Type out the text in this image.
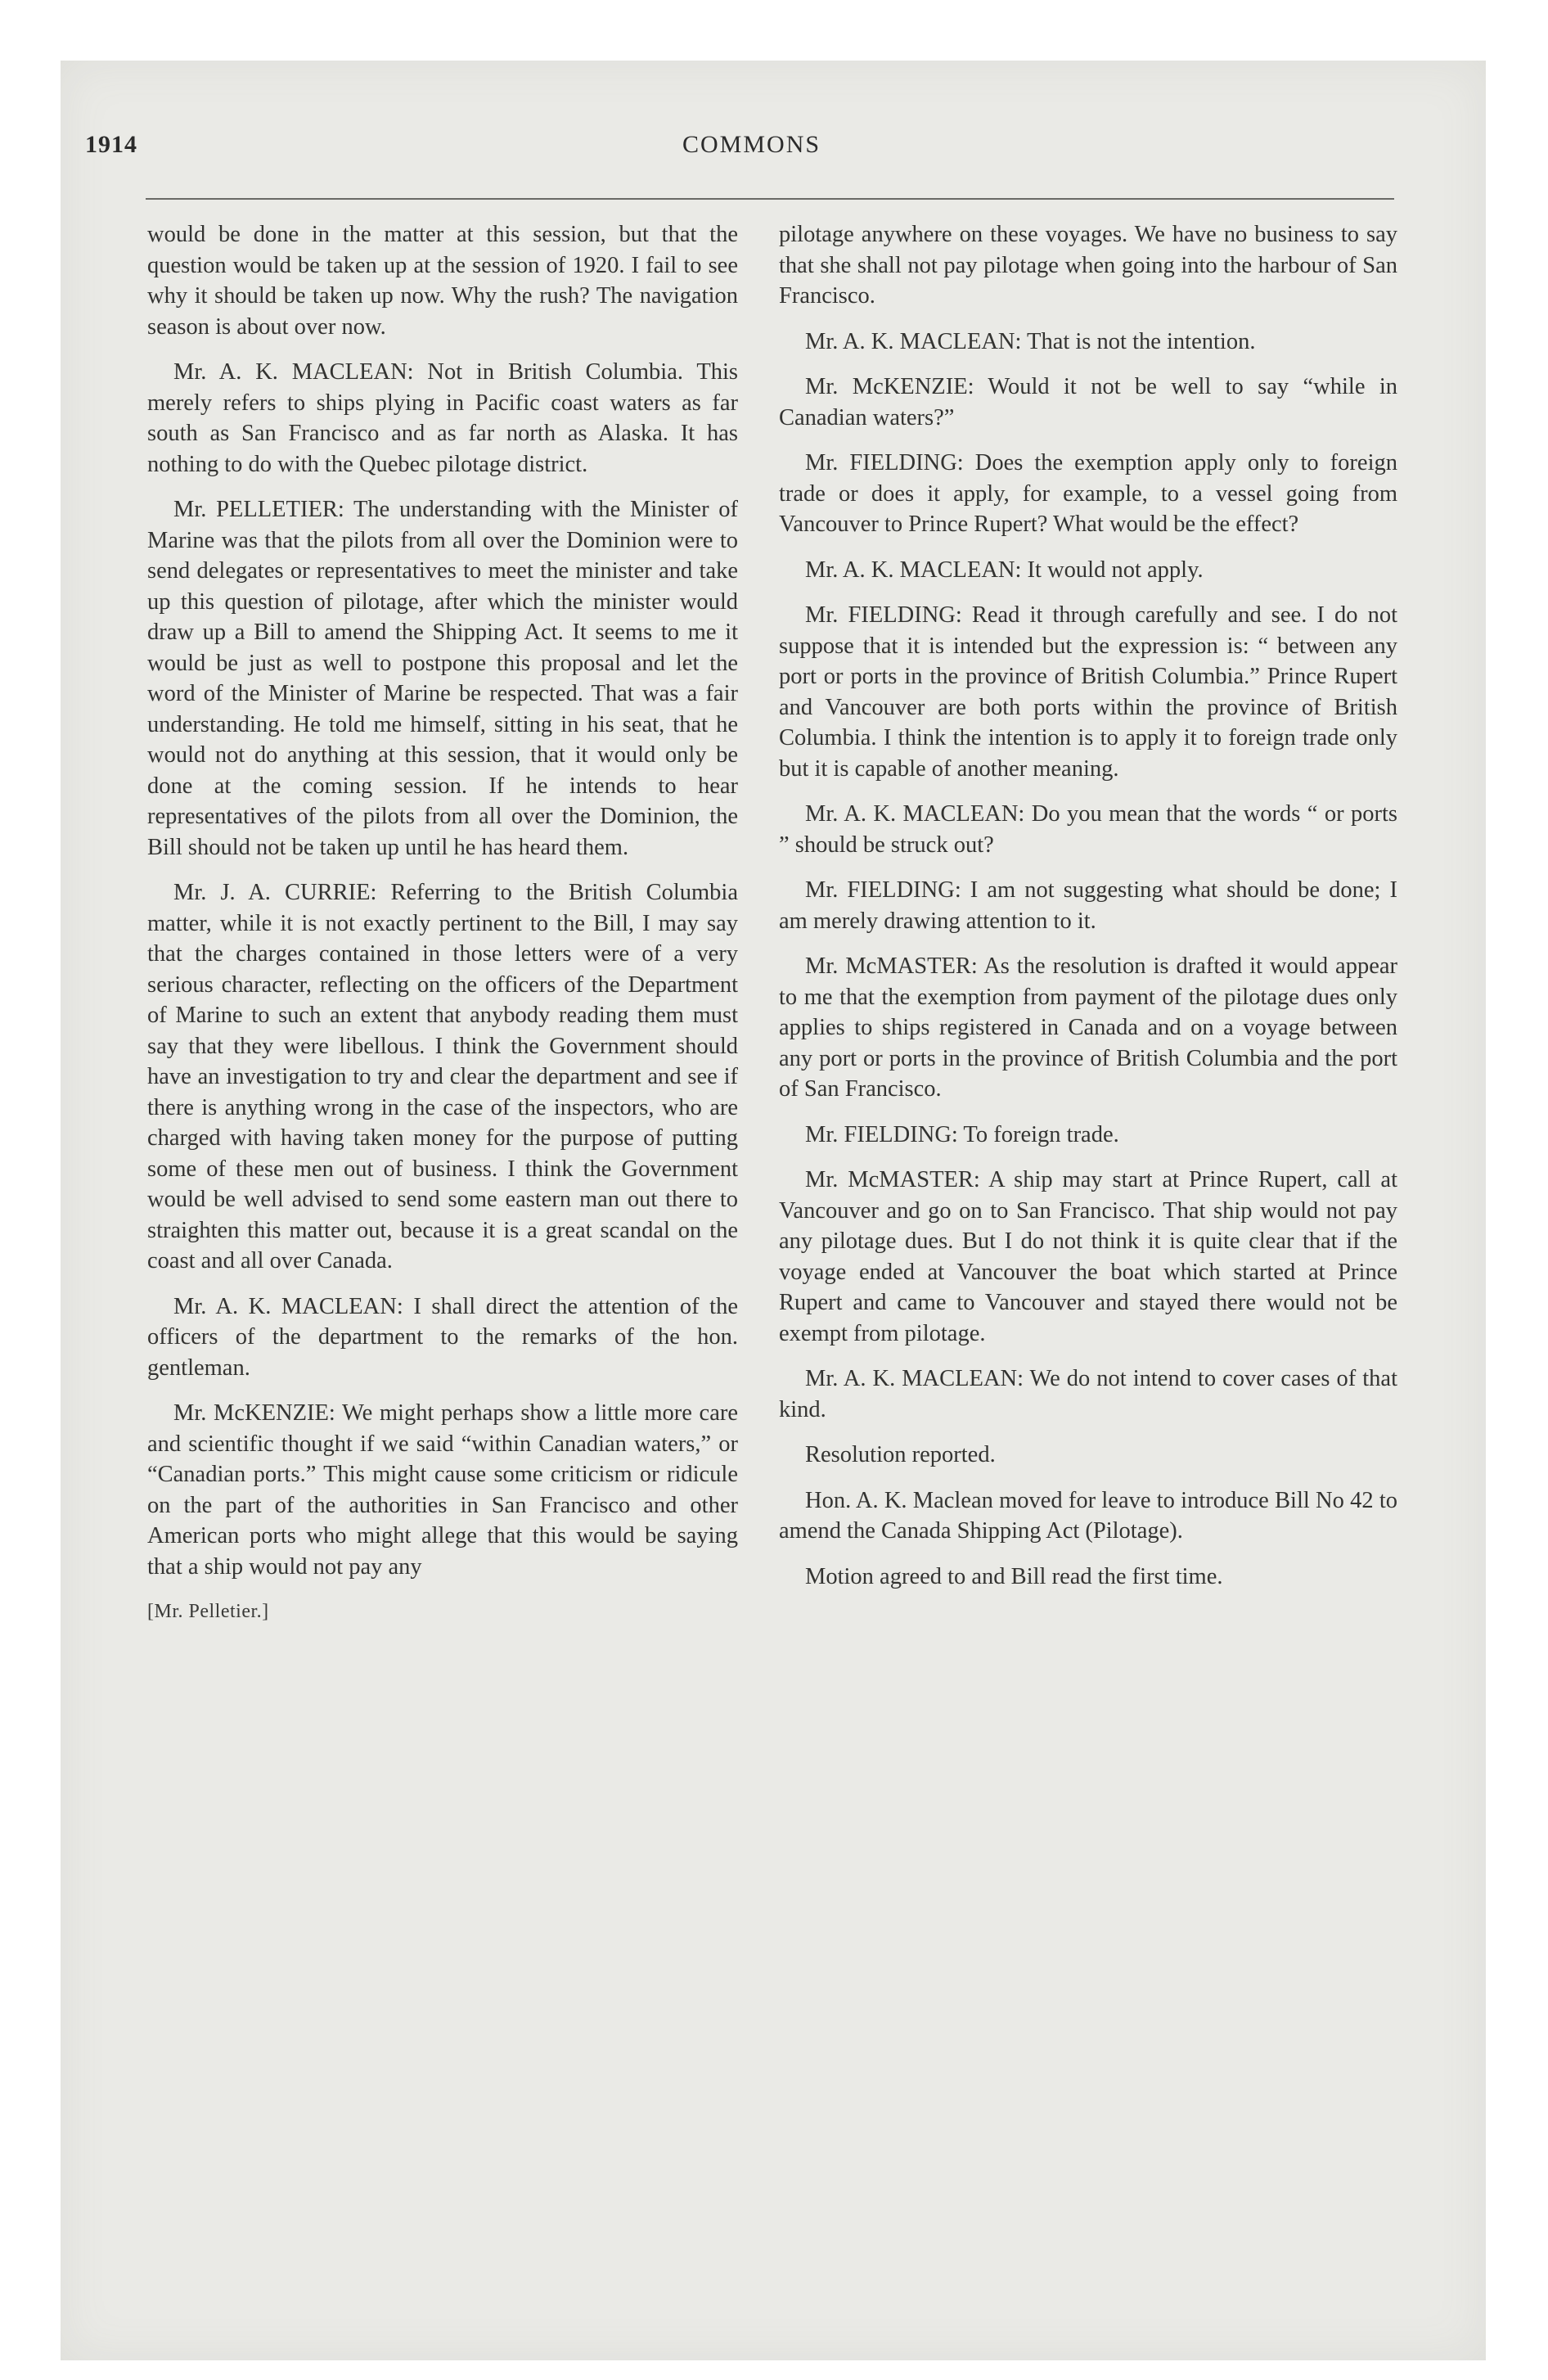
1914	COMMONS

would be done in the matter at this session, but that the question would be taken up at the session of 1920. I fail to see why it should be taken up now. Why the rush? The navigation season is about over now.

Mr. A. K. MACLEAN: Not in British Columbia. This merely refers to ships plying in Pacific coast waters as far south as San Francisco and as far north as Alaska. It has nothing to do with the Quebec pilotage district.

Mr. PELLETIER: The understanding with the Minister of Marine was that the pilots from all over the Dominion were to send delegates or representatives to meet the minister and take up this question of pilotage, after which the minister would draw up a Bill to amend the Shipping Act. It seems to me it would be just as well to postpone this proposal and let the word of the Minister of Marine be respected. That was a fair understanding. He told me himself, sitting in his seat, that he would not do anything at this session, that it would only be done at the coming session. If he intends to hear representatives of the pilots from all over the Dominion, the Bill should not be taken up until he has heard them.

Mr. J. A. CURRIE: Referring to the British Columbia matter, while it is not exactly pertinent to the Bill, I may say that the charges contained in those letters were of a very serious character, reflecting on the officers of the Department of Marine to such an extent that anybody reading them must say that they were libellous. I think the Government should have an investigation to try and clear the department and see if there is anything wrong in the case of the inspectors, who are charged with having taken money for the purpose of putting some of these men out of business. I think the Government would be well advised to send some eastern man out there to straighten this matter out, because it is a great scandal on the coast and all over Canada.

Mr. A. K. MACLEAN: I shall direct the attention of the officers of the department to the remarks of the hon. gentleman.

Mr. McKENZIE: We might perhaps show a little more care and scientific thought if we said “within Canadian waters,” or “Canadian ports.” This might cause some criticism or ridicule on the part of the authorities in San Francisco and other American ports who might allege that this would be saying that a ship would not pay any

[Mr. Pelletier.]

pilotage anywhere on these voyages. We have no business to say that she shall not pay pilotage when going into the harbour of San Francisco.

Mr. A. K. MACLEAN: That is not the intention.

Mr. McKENZIE: Would it not be well to say “while in Canadian waters?”

Mr. FIELDING: Does the exemption apply only to foreign trade or does it apply, for example, to a vessel going from Vancouver to Prince Rupert? What would be the effect?

Mr. A. K. MACLEAN: It would not apply.

Mr. FIELDING: Read it through carefully and see. I do not suppose that it is intended but the expression is: “ between any port or ports in the province of British Columbia.” Prince Rupert and Vancouver are both ports within the province of British Columbia. I think the intention is to apply it to foreign trade only but it is capable of another meaning.

Mr. A. K. MACLEAN: Do you mean that the words “ or ports ” should be struck out?

Mr. FIELDING: I am not suggesting what should be done; I am merely drawing attention to it.

Mr. McMASTER: As the resolution is drafted it would appear to me that the exemption from payment of the pilotage dues only applies to ships registered in Canada and on a voyage between any port or ports in the province of British Columbia and the port of San Francisco.

Mr. FIELDING: To foreign trade.

Mr. McMASTER: A ship may start at Prince Rupert, call at Vancouver and go on to San Francisco. That ship would not pay any pilotage dues. But I do not think it is quite clear that if the voyage ended at Vancouver the boat which started at Prince Rupert and came to Vancouver and stayed there would not be exempt from pilotage.

Mr. A. K. MACLEAN: We do not intend to cover cases of that kind.

Resolution reported.

Hon. A. K. Maclean moved for leave to introduce Bill No 42 to amend the Canada Shipping Act (Pilotage).

Motion agreed to and Bill read the first time.
